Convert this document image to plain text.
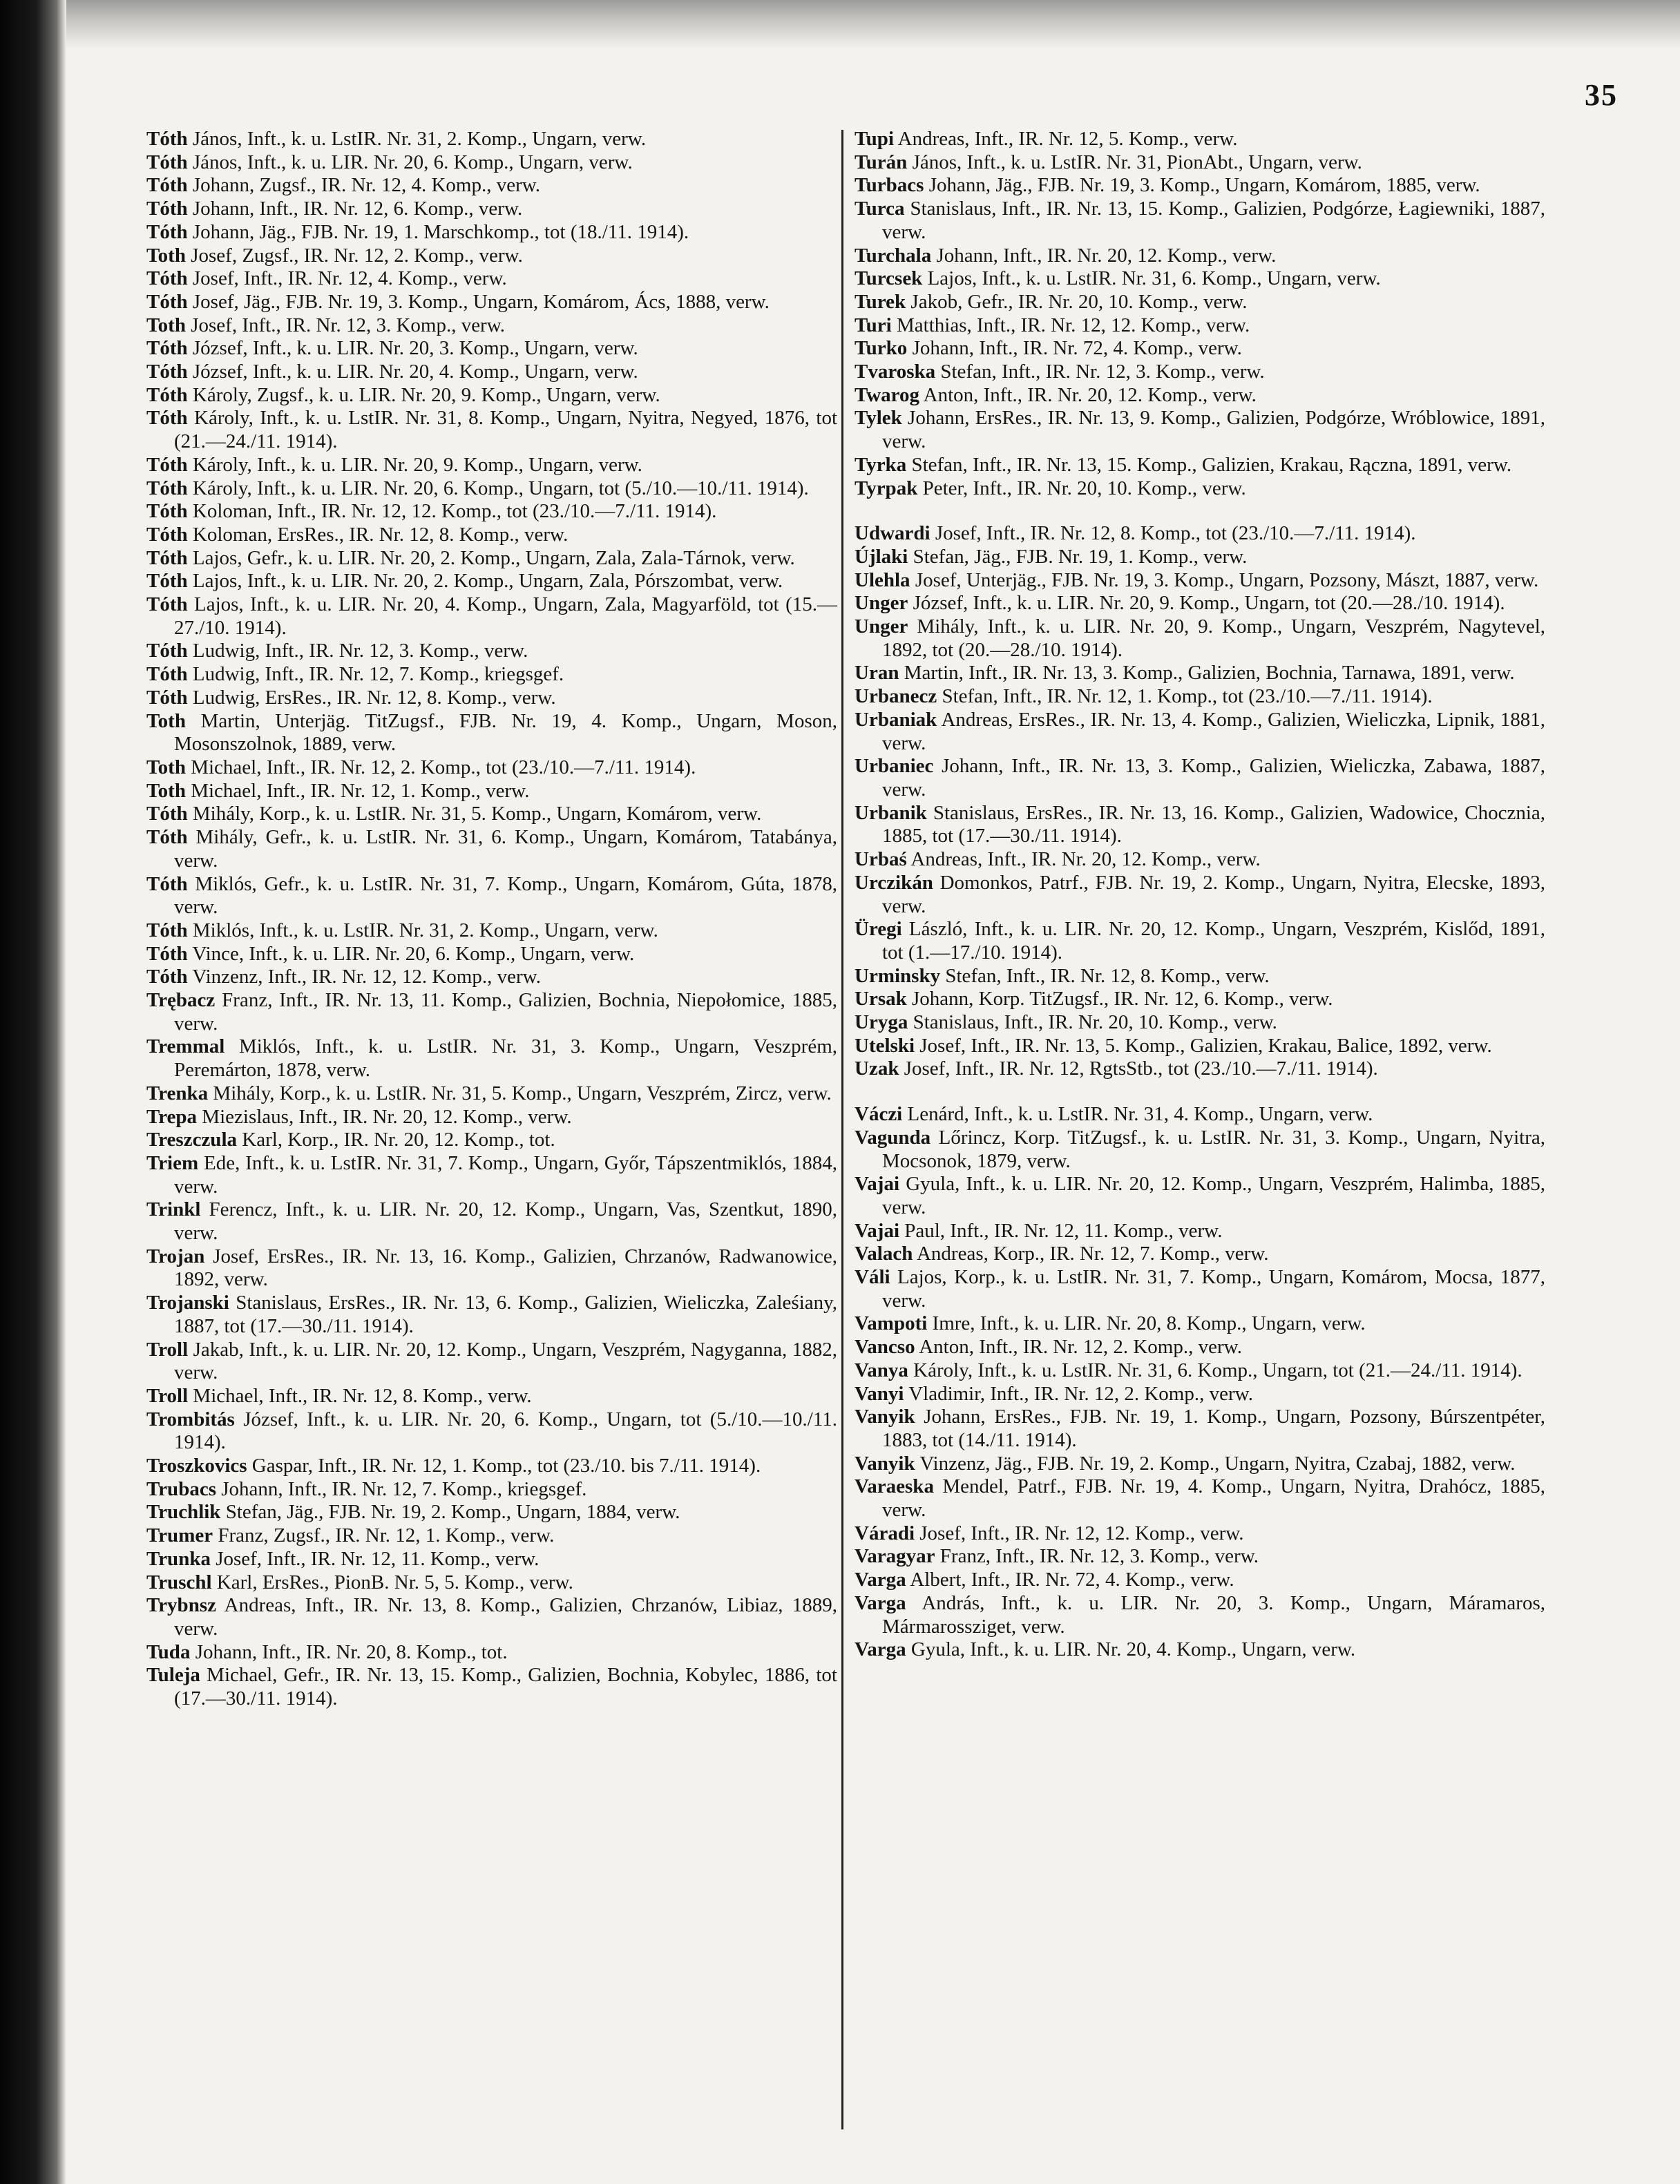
35

Tóth János, Inft., k. u. LstIR. Nr. 31, 2. Komp., Ungarn, verw.

Tóth János, Inft., k. u. LIR. Nr. 20, 6. Komp., Ungarn, verw.

Tóth Johann, Zugsf., IR. Nr. 12, 4. Komp., verw.

Tóth Johann, Inft., IR. Nr. 12, 6. Komp., verw.

Tóth Johann, Jäg., FJB. Nr. 19, 1. Marschkomp., tot (18./11. 1914).

Toth Josef, Zugsf., IR. Nr. 12, 2. Komp., verw.

Tóth Josef, Inft., IR. Nr. 12, 4. Komp., verw.

Tóth Josef, Jäg., FJB. Nr. 19, 3. Komp., Ungarn, Komárom, Ács, 1888, verw.

Toth Josef, Inft., IR. Nr. 12, 3. Komp., verw.

Tóth József, Inft., k. u. LIR. Nr. 20, 3. Komp., Ungarn, verw.

Tóth József, Inft., k. u. LIR. Nr. 20, 4. Komp., Ungarn, verw.

Tóth Károly, Zugsf., k. u. LIR. Nr. 20, 9. Komp., Ungarn, verw.

Tóth Károly, Inft., k. u. LstIR. Nr. 31, 8. Komp., Ungarn, Nyitra, Negyed, 1876, tot (21.—24./11. 1914).

Tóth Károly, Inft., k. u. LIR. Nr. 20, 9. Komp., Ungarn, verw.

Tóth Károly, Inft., k. u. LIR. Nr. 20, 6. Komp., Ungarn, tot (5./10.—10./11. 1914).

Tóth Koloman, Inft., IR. Nr. 12, 12. Komp., tot (23./10.—7./11. 1914).

Tóth Koloman, ErsRes., IR. Nr. 12, 8. Komp., verw.

Tóth Lajos, Gefr., k. u. LIR. Nr. 20, 2. Komp., Ungarn, Zala, Zala-Tárnok, verw.

Tóth Lajos, Inft., k. u. LIR. Nr. 20, 2. Komp., Ungarn, Zala, Pórszombat, verw.

Tóth Lajos, Inft., k. u. LIR. Nr. 20, 4. Komp., Ungarn, Zala, Magyarföld, tot (15.—27./10. 1914).

Tóth Ludwig, Inft., IR. Nr. 12, 3. Komp., verw.

Tóth Ludwig, Inft., IR. Nr. 12, 7. Komp., kriegsgef.

Tóth Ludwig, ErsRes., IR. Nr. 12, 8. Komp., verw.

Toth Martin, Unterjäg. TitZugsf., FJB. Nr. 19, 4. Komp., Ungarn, Moson, Mosonszolnok, 1889, verw.

Toth Michael, Inft., IR. Nr. 12, 2. Komp., tot (23./10.—7./11. 1914).

Toth Michael, Inft., IR. Nr. 12, 1. Komp., verw.

Tóth Mihály, Korp., k. u. LstIR. Nr. 31, 5. Komp., Ungarn, Komárom, verw.

Tóth Mihály, Gefr., k. u. LstIR. Nr. 31, 6. Komp., Ungarn, Komárom, Tatabánya, verw.

Tóth Miklós, Gefr., k. u. LstIR. Nr. 31, 7. Komp., Ungarn, Komárom, Gúta, 1878, verw.

Tóth Miklós, Inft., k. u. LstIR. Nr. 31, 2. Komp., Ungarn, verw.

Tóth Vince, Inft., k. u. LIR. Nr. 20, 6. Komp., Ungarn, verw.

Tóth Vinzenz, Inft., IR. Nr. 12, 12. Komp., verw.

Trębacz Franz, Inft., IR. Nr. 13, 11. Komp., Galizien, Bochnia, Niepołomice, 1885, verw.

Tremmal Miklós, Inft., k. u. LstIR. Nr. 31, 3. Komp., Ungarn, Veszprém, Peremárton, 1878, verw.

Trenka Mihály, Korp., k. u. LstIR. Nr. 31, 5. Komp., Ungarn, Veszprém, Zircz, verw.

Trepa Miezislaus, Inft., IR. Nr. 20, 12. Komp., verw.

Treszczula Karl, Korp., IR. Nr. 20, 12. Komp., tot.

Triem Ede, Inft., k. u. LstIR. Nr. 31, 7. Komp., Ungarn, Győr, Tápszentmiklós, 1884, verw.

Trinkl Ferencz, Inft., k. u. LIR. Nr. 20, 12. Komp., Ungarn, Vas, Szentkut, 1890, verw.

Trojan Josef, ErsRes., IR. Nr. 13, 16. Komp., Galizien, Chrzanów, Radwanowice, 1892, verw.

Trojanski Stanislaus, ErsRes., IR. Nr. 13, 6. Komp., Galizien, Wieliczka, Zaleśiany, 1887, tot (17.—30./11. 1914).

Troll Jakab, Inft., k. u. LIR. Nr. 20, 12. Komp., Ungarn, Veszprém, Nagyganna, 1882, verw.

Troll Michael, Inft., IR. Nr. 12, 8. Komp., verw.

Trombitás József, Inft., k. u. LIR. Nr. 20, 6. Komp., Ungarn, tot (5./10.—10./11. 1914).

Troszkovics Gaspar, Inft., IR. Nr. 12, 1. Komp., tot (23./10. bis 7./11. 1914).

Trubacs Johann, Inft., IR. Nr. 12, 7. Komp., kriegsgef.

Truchlik Stefan, Jäg., FJB. Nr. 19, 2. Komp., Ungarn, 1884, verw.

Trumer Franz, Zugsf., IR. Nr. 12, 1. Komp., verw.

Trunka Josef, Inft., IR. Nr. 12, 11. Komp., verw.

Truschl Karl, ErsRes., PionB. Nr. 5, 5. Komp., verw.

Trybnsz Andreas, Inft., IR. Nr. 13, 8. Komp., Galizien, Chrzanów, Libiaz, 1889, verw.

Tuda Johann, Inft., IR. Nr. 20, 8. Komp., tot.

Tuleja Michael, Gefr., IR. Nr. 13, 15. Komp., Galizien, Bochnia, Kobylec, 1886, tot (17.—30./11. 1914).

Tupi Andreas, Inft., IR. Nr. 12, 5. Komp., verw.

Turán János, Inft., k. u. LstIR. Nr. 31, PionAbt., Ungarn, verw.

Turbacs Johann, Jäg., FJB. Nr. 19, 3. Komp., Ungarn, Komárom, 1885, verw.

Turca Stanislaus, Inft., IR. Nr. 13, 15. Komp., Galizien, Podgórze, Łagiewniki, 1887, verw.

Turchala Johann, Inft., IR. Nr. 20, 12. Komp., verw.

Turcsek Lajos, Inft., k. u. LstIR. Nr. 31, 6. Komp., Ungarn, verw.

Turek Jakob, Gefr., IR. Nr. 20, 10. Komp., verw.

Turi Matthias, Inft., IR. Nr. 12, 12. Komp., verw.

Turko Johann, Inft., IR. Nr. 72, 4. Komp., verw.

Tvaroska Stefan, Inft., IR. Nr. 12, 3. Komp., verw.

Twarog Anton, Inft., IR. Nr. 20, 12. Komp., verw.

Tylek Johann, ErsRes., IR. Nr. 13, 9. Komp., Galizien, Podgórze, Wróblowice, 1891, verw.

Tyrka Stefan, Inft., IR. Nr. 13, 15. Komp., Galizien, Krakau, Rączna, 1891, verw.

Tyrpak Peter, Inft., IR. Nr. 20, 10. Komp., verw.

Udwardi Josef, Inft., IR. Nr. 12, 8. Komp., tot (23./10.—7./11. 1914).

Újlaki Stefan, Jäg., FJB. Nr. 19, 1. Komp., verw.

Ulehla Josef, Unterjäg., FJB. Nr. 19, 3. Komp., Ungarn, Pozsony, Mászt, 1887, verw.

Unger József, Inft., k. u. LIR. Nr. 20, 9. Komp., Ungarn, tot (20.—28./10. 1914).

Unger Mihály, Inft., k. u. LIR. Nr. 20, 9. Komp., Ungarn, Veszprém, Nagytevel, 1892, tot (20.—28./10. 1914).

Uran Martin, Inft., IR. Nr. 13, 3. Komp., Galizien, Bochnia, Tarnawa, 1891, verw.

Urbanecz Stefan, Inft., IR. Nr. 12, 1. Komp., tot (23./10.—7./11. 1914).

Urbaniak Andreas, ErsRes., IR. Nr. 13, 4. Komp., Galizien, Wieliczka, Lipnik, 1881, verw.

Urbaniec Johann, Inft., IR. Nr. 13, 3. Komp., Galizien, Wieliczka, Zabawa, 1887, verw.

Urbanik Stanislaus, ErsRes., IR. Nr. 13, 16. Komp., Galizien, Wadowice, Chocznia, 1885, tot (17.—30./11. 1914).

Urbaś Andreas, Inft., IR. Nr. 20, 12. Komp., verw.

Urczikán Domonkos, Patrf., FJB. Nr. 19, 2. Komp., Ungarn, Nyitra, Elecske, 1893, verw.

Üregi László, Inft., k. u. LIR. Nr. 20, 12. Komp., Ungarn, Veszprém, Kislőd, 1891, tot (1.—17./10. 1914).

Urminsky Stefan, Inft., IR. Nr. 12, 8. Komp., verw.

Ursak Johann, Korp. TitZugsf., IR. Nr. 12, 6. Komp., verw.

Uryga Stanislaus, Inft., IR. Nr. 20, 10. Komp., verw.

Utelski Josef, Inft., IR. Nr. 13, 5. Komp., Galizien, Krakau, Balice, 1892, verw.

Uzak Josef, Inft., IR. Nr. 12, RgtsStb., tot (23./10.—7./11. 1914).

Váczi Lenárd, Inft., k. u. LstIR. Nr. 31, 4. Komp., Ungarn, verw.

Vagunda Lőrincz, Korp. TitZugsf., k. u. LstIR. Nr. 31, 3. Komp., Ungarn, Nyitra, Mocsonok, 1879, verw.

Vajai Gyula, Inft., k. u. LIR. Nr. 20, 12. Komp., Ungarn, Veszprém, Halimba, 1885, verw.

Vajai Paul, Inft., IR. Nr. 12, 11. Komp., verw.

Valach Andreas, Korp., IR. Nr. 12, 7. Komp., verw.

Váli Lajos, Korp., k. u. LstIR. Nr. 31, 7. Komp., Ungarn, Komárom, Mocsa, 1877, verw.

Vampoti Imre, Inft., k. u. LIR. Nr. 20, 8. Komp., Ungarn, verw.

Vancso Anton, Inft., IR. Nr. 12, 2. Komp., verw.

Vanya Károly, Inft., k. u. LstIR. Nr. 31, 6. Komp., Ungarn, tot (21.—24./11. 1914).

Vanyi Vladimir, Inft., IR. Nr. 12, 2. Komp., verw.

Vanyik Johann, ErsRes., FJB. Nr. 19, 1. Komp., Ungarn, Pozsony, Búrszentpéter, 1883, tot (14./11. 1914).

Vanyik Vinzenz, Jäg., FJB. Nr. 19, 2. Komp., Ungarn, Nyitra, Czabaj, 1882, verw.

Varaeska Mendel, Patrf., FJB. Nr. 19, 4. Komp., Ungarn, Nyitra, Drahócz, 1885, verw.

Váradi Josef, Inft., IR. Nr. 12, 12. Komp., verw.

Varagyar Franz, Inft., IR. Nr. 12, 3. Komp., verw.

Varga Albert, Inft., IR. Nr. 72, 4. Komp., verw.

Varga András, Inft., k. u. LIR. Nr. 20, 3. Komp., Ungarn, Máramaros, Mármarossziget, verw.

Varga Gyula, Inft., k. u. LIR. Nr. 20, 4. Komp., Ungarn, verw.
